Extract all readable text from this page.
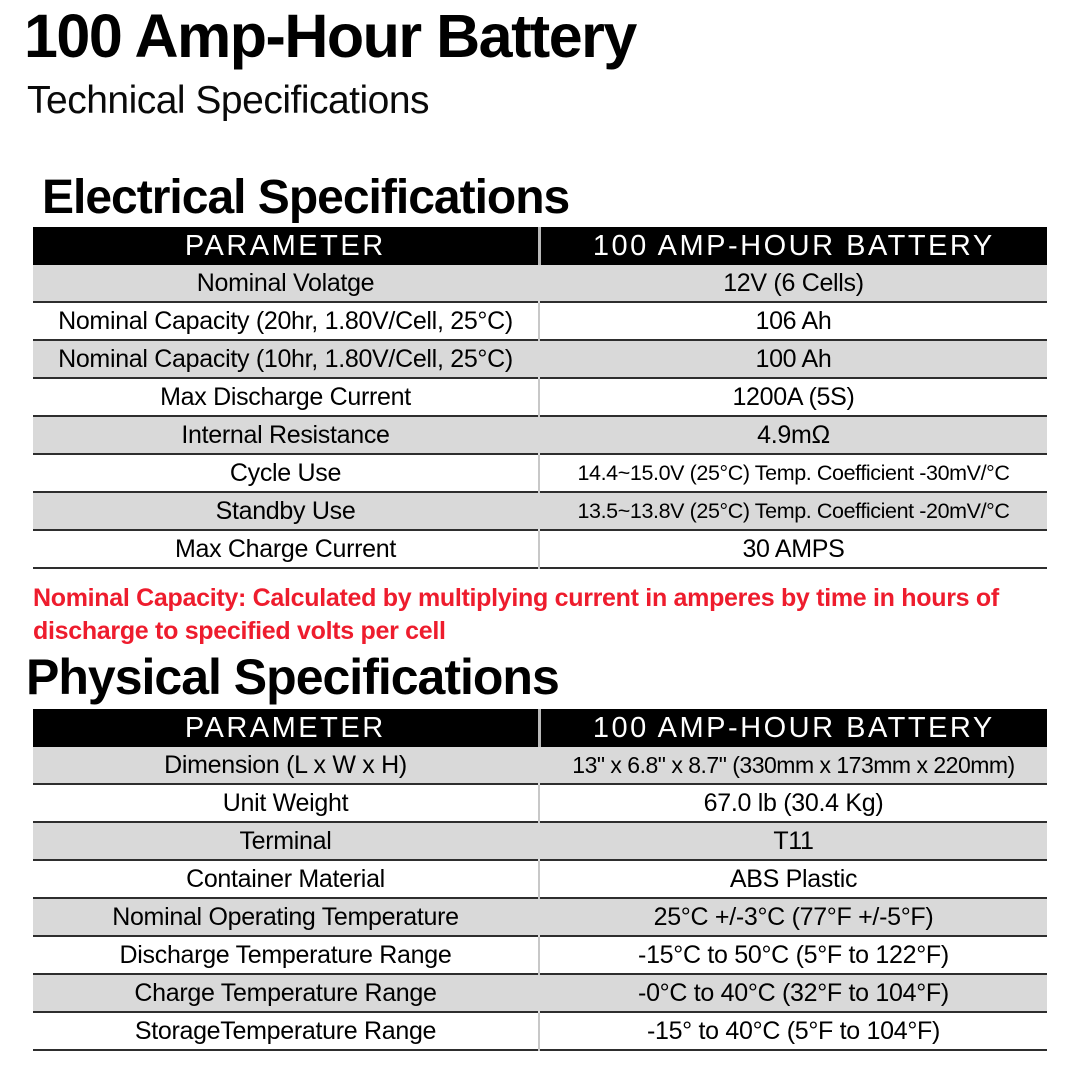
100 Amp-Hour Battery
Technical Specifications
Electrical Specifications
PARAMETER	100 AMP-HOUR BATTERY
Nominal Volatge	12V (6 Cells)
Nominal Capacity (20hr, 1.80V/Cell, 25°C)	106 Ah
Nominal Capacity (10hr, 1.80V/Cell, 25°C)	100 Ah
Max Discharge Current	1200A (5S)
Internal Resistance	4.9mΩ
Cycle Use	14.4~15.0V (25°C) Temp. Coefficient -30mV/°C
Standby Use	13.5~13.8V (25°C) Temp. Coefficient -20mV/°C
Max Charge Current	30 AMPS
Nominal Capacity: Calculated by multiplying current in amperes by time in hours of
discharge to specified volts per cell
Physical Specifications
PARAMETER	100 AMP-HOUR BATTERY
Dimension (L x W x H)	13" x 6.8" x 8.7" (330mm x 173mm x 220mm)
Unit Weight	67.0 lb (30.4 Kg)
Terminal	T11
Container Material	ABS Plastic
Nominal Operating Temperature	25°C +/-3°C (77°F +/-5°F)
Discharge Temperature Range	-15°C to 50°C (5°F to 122°F)
Charge Temperature Range	-0°C to 40°C (32°F to 104°F)
StorageTemperature Range	-15° to 40°C (5°F to 104°F)
